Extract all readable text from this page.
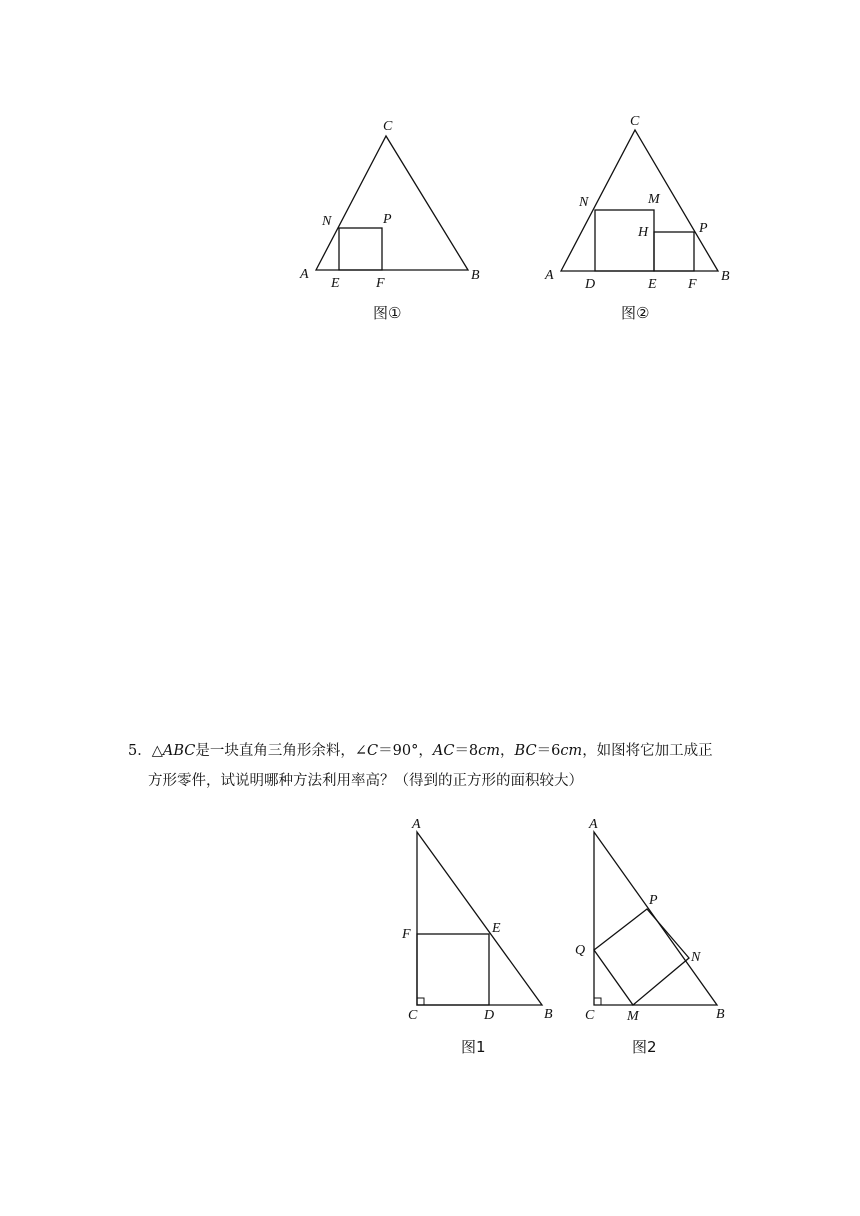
C
N	P
A
E	F
B
图①
C
N	M
H	P
A
D	E F
B
图②
5．△ABC是一块直角三角形余料，∠C＝90°，AC＝8cm，BC＝6cm，如图将它加工成正
方形零件，试说明哪种方法利用率高？（得到的正方形的面积较大）
A
F	E
C	D	B
图1
A
P
Q	N
C M	B
图2
